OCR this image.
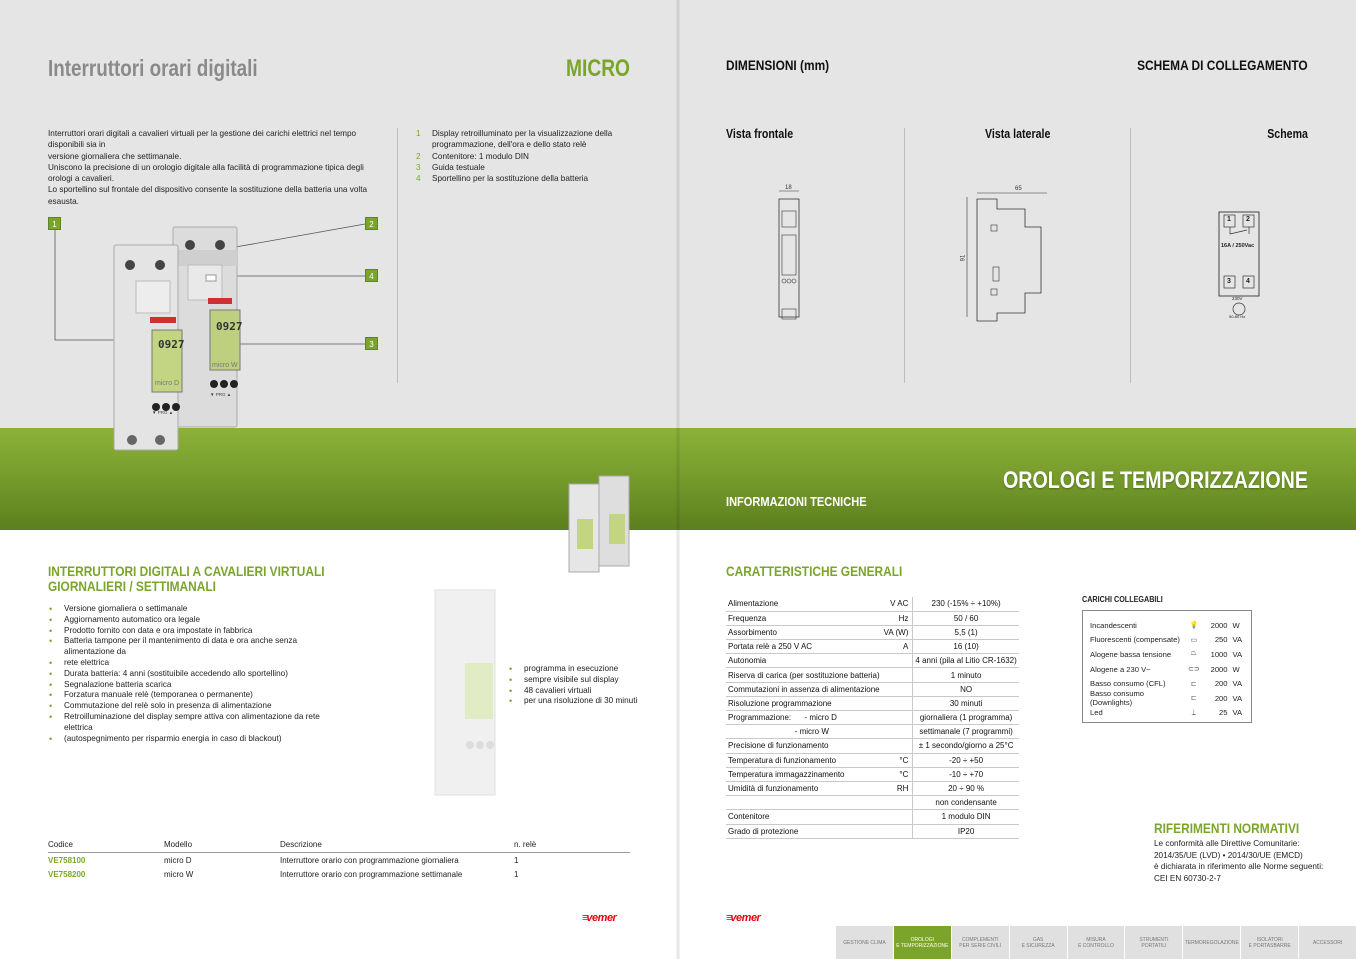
Interruttori orari digitali	MICRO
Interruttori orari digitali a cavalieri virtuali per la gestione dei carichi elettrici nel tempo disponibili sia in
versione giornaliera che settimanale.
Uniscono la precisione di un orologio digitale alla facilità di programmazione tipica degli orologi a cavalieri.
Lo sportellino sul frontale del dispositivo consente la sostituzione della batteria una volta esausta.
1	Display retroilluminato per la visualizzazione della
programmazione, dell'ora e dello stato relè
2	Contenitore: 1 modulo DIN
3	Guida testuale
4	Sportellino per la sostituzione della batteria
1	2
4
3
0927
0927
micro D
micro W
▼ PRG ▲
▼ PRG ▲
INTERRUTTORI DIGITALI A CAVALIERI VIRTUALI
GIORNALIERI / SETTIMANALI
• Versione giornaliera o settimanale
• Aggiornamento automatico ora legale
• Prodotto fornito con data e ora impostate in fabbrica
• Batteria tampone per il mantenimento di data e ora anche senza alimentazione da
• rete elettrica
• Durata batteria: 4 anni (sostituibile accedendo allo sportellino)
• Segnalazione batteria scarica
• Forzatura manuale relè (temporanea o permanente)
• Commutazione del relè solo in presenza di alimentazione
• Retroilluminazione del display sempre attiva con alimentazione da rete elettrica
• (autospegnimento per risparmio energia in caso di blackout)
• programma in esecuzione
• sempre visibile sul display
• 48 cavalieri virtuali
• per una risoluzione di 30 minuti
Codice	Modello	Descrizione	n. relè
VE758100	micro D	Interruttore orario con programmazione giornaliera	1
VE758200	micro W	Interruttore orario con programmazione settimanale	1
≡vemer
DIMENSIONI (mm)	SCHEMA DI COLLEGAMENTO
Vista frontale	Vista laterale	Schema
18	65
91
1 2
16A / 250Vac
3 4
230V
50-60 Hz
OROLOGI E TEMPORIZZAZIONE
INFORMAZIONI TECNICHE
CARATTERISTICHE GENERALI
Alimentazione	V AC	230 (-15% ÷ +10%)
Frequenza	Hz	50 / 60
Assorbimento	VA (W)	5,5 (1)
Portata relè a 250 V AC	A	16 (10)
Autonomia		4 anni (pila al Litio CR-1632)
Riserva di carica (per sostituzione batteria)		1 minuto
Commutazioni in assenza di alimentazione		NO
Risoluzione programmazione		30 minuti
Programmazione:      - micro D		giornaliera (1 programma)
- micro W		settimanale (7 programmi)
Precisione di funzionamento		± 1 secondo/giorno a 25°C
Temperatura di funzionamento	°C	-20 ÷ +50
Temperatura immagazzinamento	°C	-10 ÷ +70
Umidità di funzionamento	RH	20 ÷ 90 %
		non condensante
Contenitore		1 modulo DIN
Grado di protezione		IP20
CARICHI COLLEGABILI
Incandescenti	💡	2000 W
Fluorescenti (compensate)	▭	250 VA
Alogene bassa tensione	⏢	1000 VA
Alogene a 230 V~	⊂⊃	2000 W
Basso consumo (CFL)	⊏	200 VA
Basso consumo (Downlights)	⊏	200 VA
Led	⍊	25 VA
RIFERIMENTI NORMATIVI
Le conformità alle Direttive Comunitarie:
2014/35/UE (LVD) • 2014/30/UE (EMCD)
è dichiarata in riferimento alle Norme seguenti:
CEI EN 60730-2-7
≡vemer
GESTIONE CLIMA	OROLOGI
E TEMPORIZZAZIONE
COMPLEMENTI
PER SERIE CIVILI
GAS
E SICUREZZA
MISURA
E CONTROLLO
STRUMENTI
PORTATILI	TERMOREGOLAZIONE	ISOLATORI
E PORTASBARRE	ACCESSORI
